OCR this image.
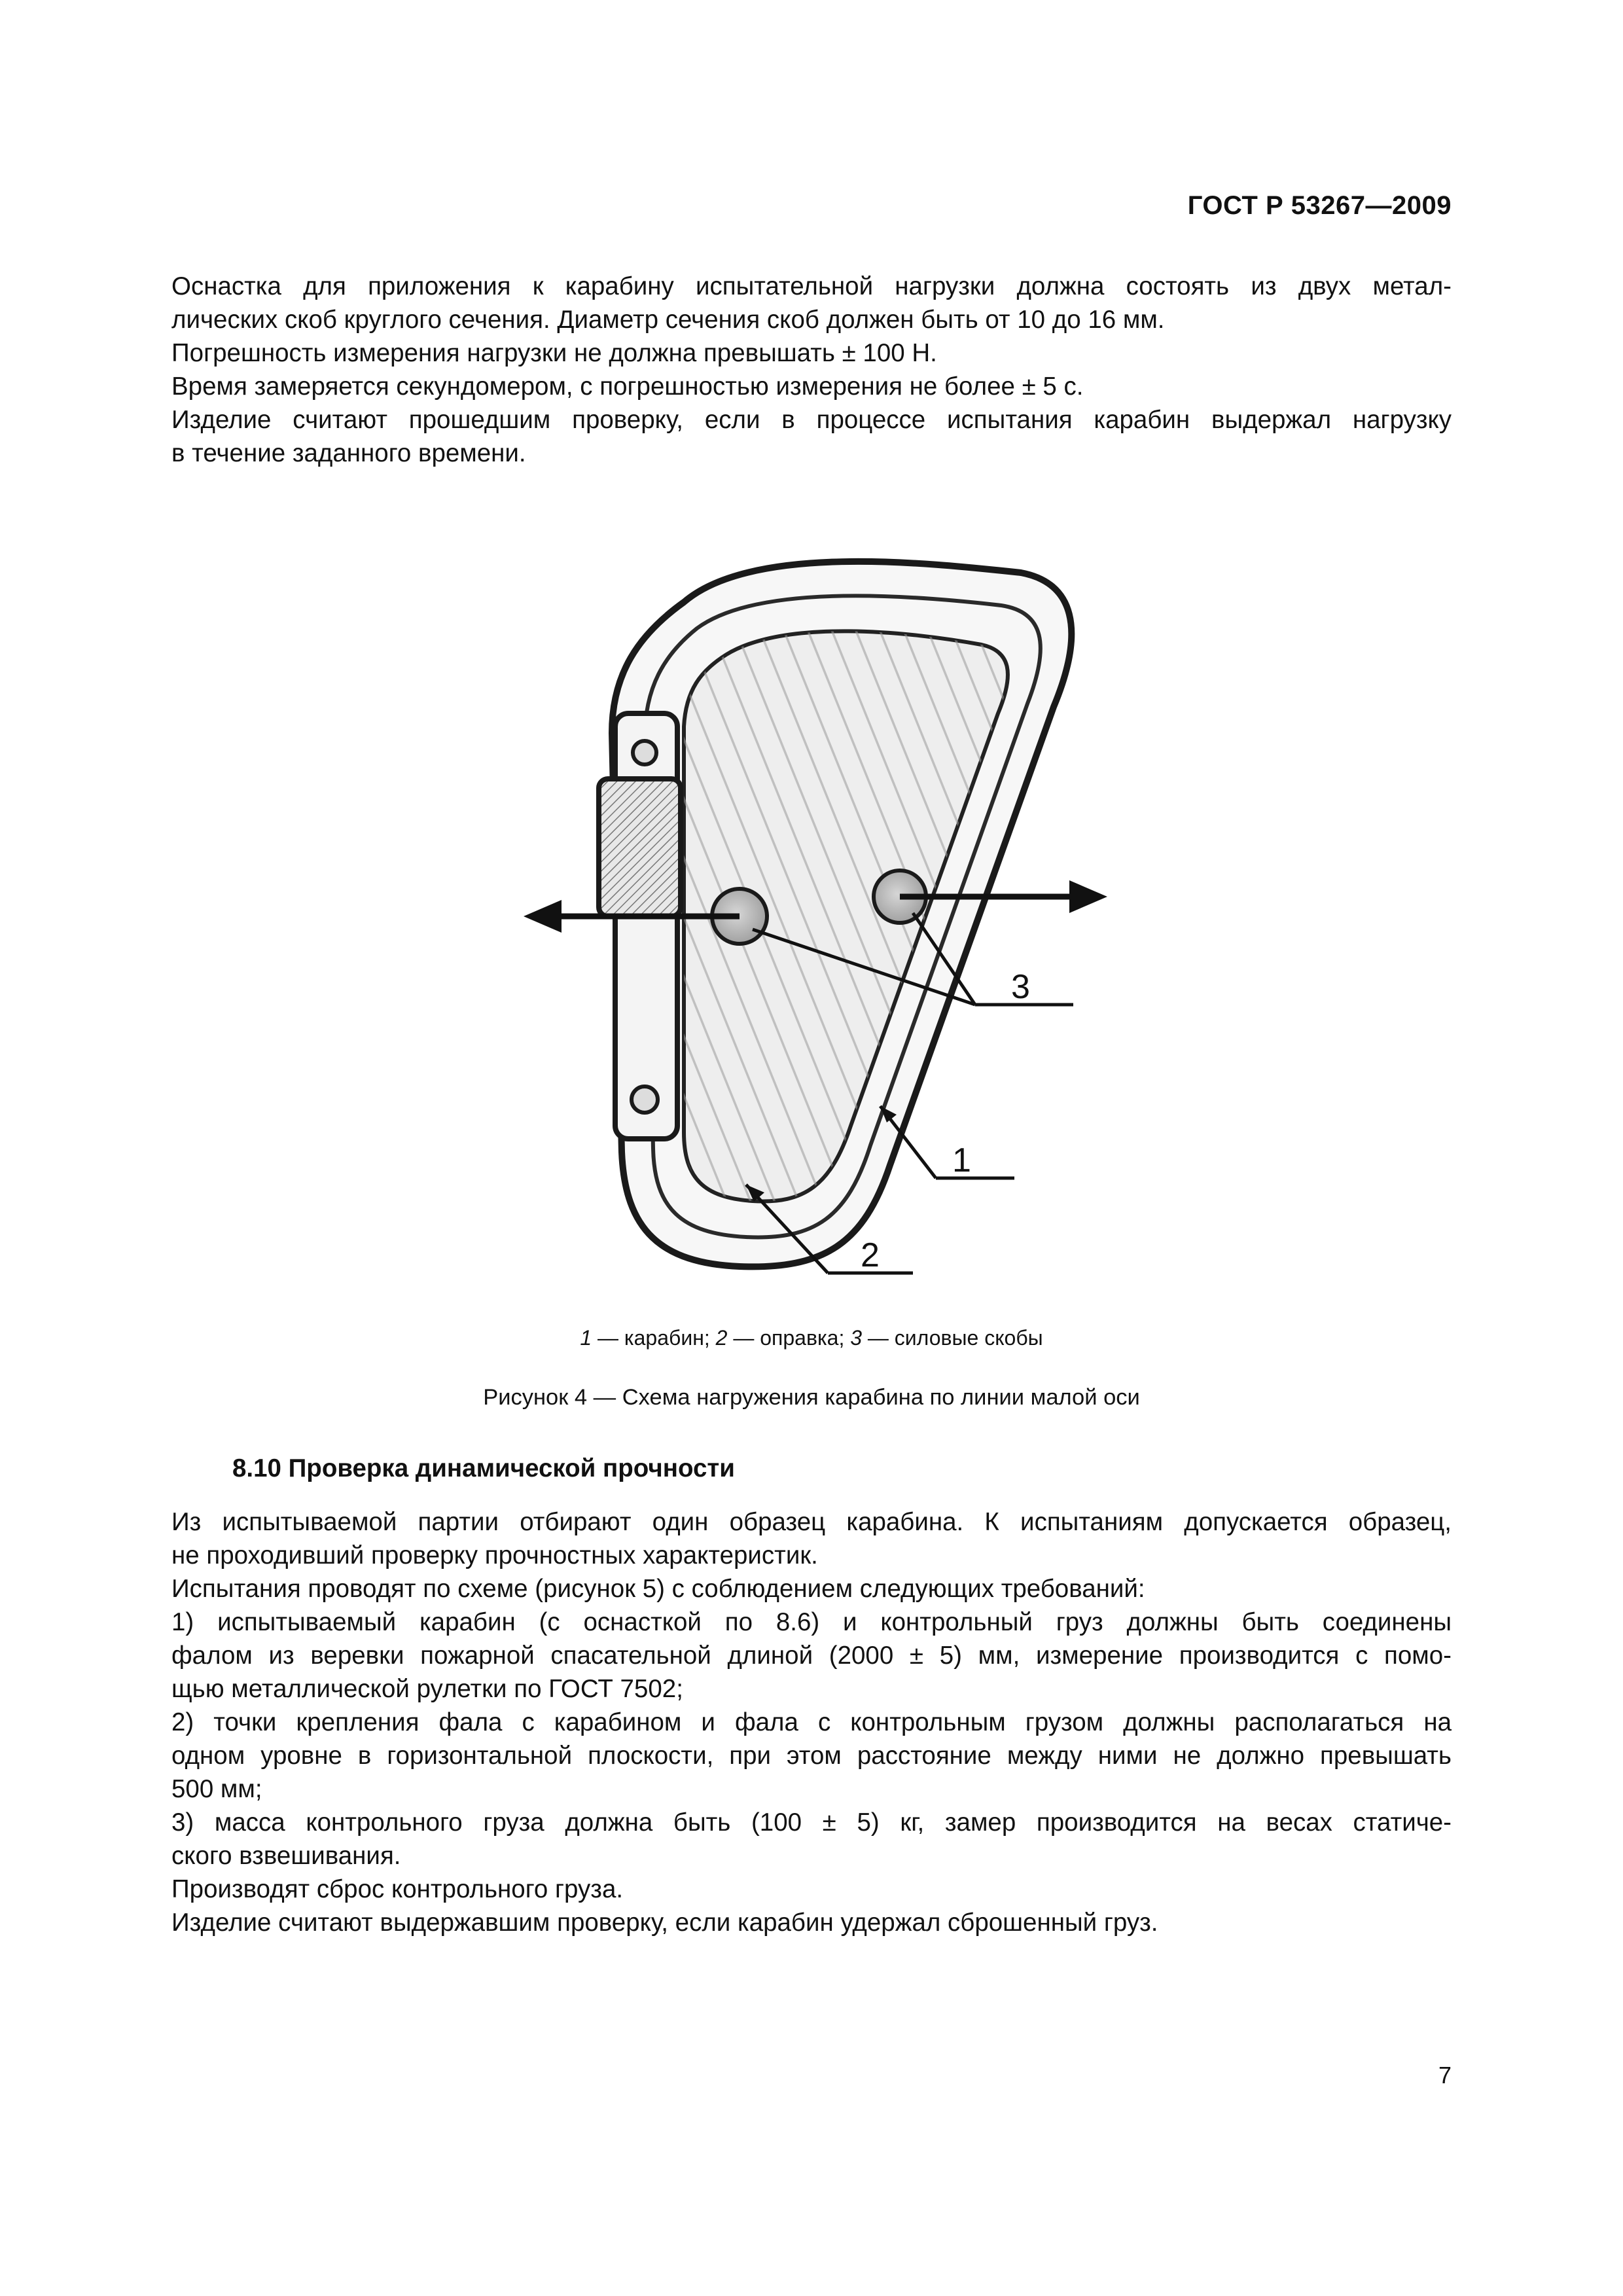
ГОСТ Р 53267—2009
Оснастка для приложения к карабину испытательной нагрузки должна состоять из двух метал-
лических скоб круглого сечения. Диаметр сечения скоб должен быть от 10 до 16 мм.
Погрешность измерения нагрузки не должна превышать ± 100 Н.
Время замеряется секундомером, с погрешностью измерения не более ± 5 с.
Изделие считают прошедшим проверку, если в процессе испытания карабин выдержал нагрузку
в течение заданного времени.
3
1
2
1 — карабин; 2 — оправка; 3 — силовые скобы
Рисунок 4 — Схема нагружения карабина по линии малой оси
8.10 Проверка динамической прочности
Из испытываемой партии отбирают один образец карабина. К испытаниям допускается образец,
не проходивший проверку прочностных характеристик.
Испытания проводят по схеме (рисунок 5) с соблюдением следующих требований:
1) испытываемый карабин (с оснасткой по 8.6) и контрольный груз должны быть соединены
фалом из веревки пожарной спасательной длиной (2000 ± 5) мм, измерение производится с помо-
щью металлической рулетки по ГОСТ 7502;
2) точки крепления фала с карабином и фала с контрольным грузом должны располагаться на
одном уровне в горизонтальной плоскости, при этом расстояние между ними не должно превышать
500 мм;
3) масса контрольного груза должна быть (100 ± 5) кг, замер производится на весах статиче-
ского взвешивания.
Производят сброс контрольного груза.
Изделие считают выдержавшим проверку, если карабин удержал сброшенный груз.
7
